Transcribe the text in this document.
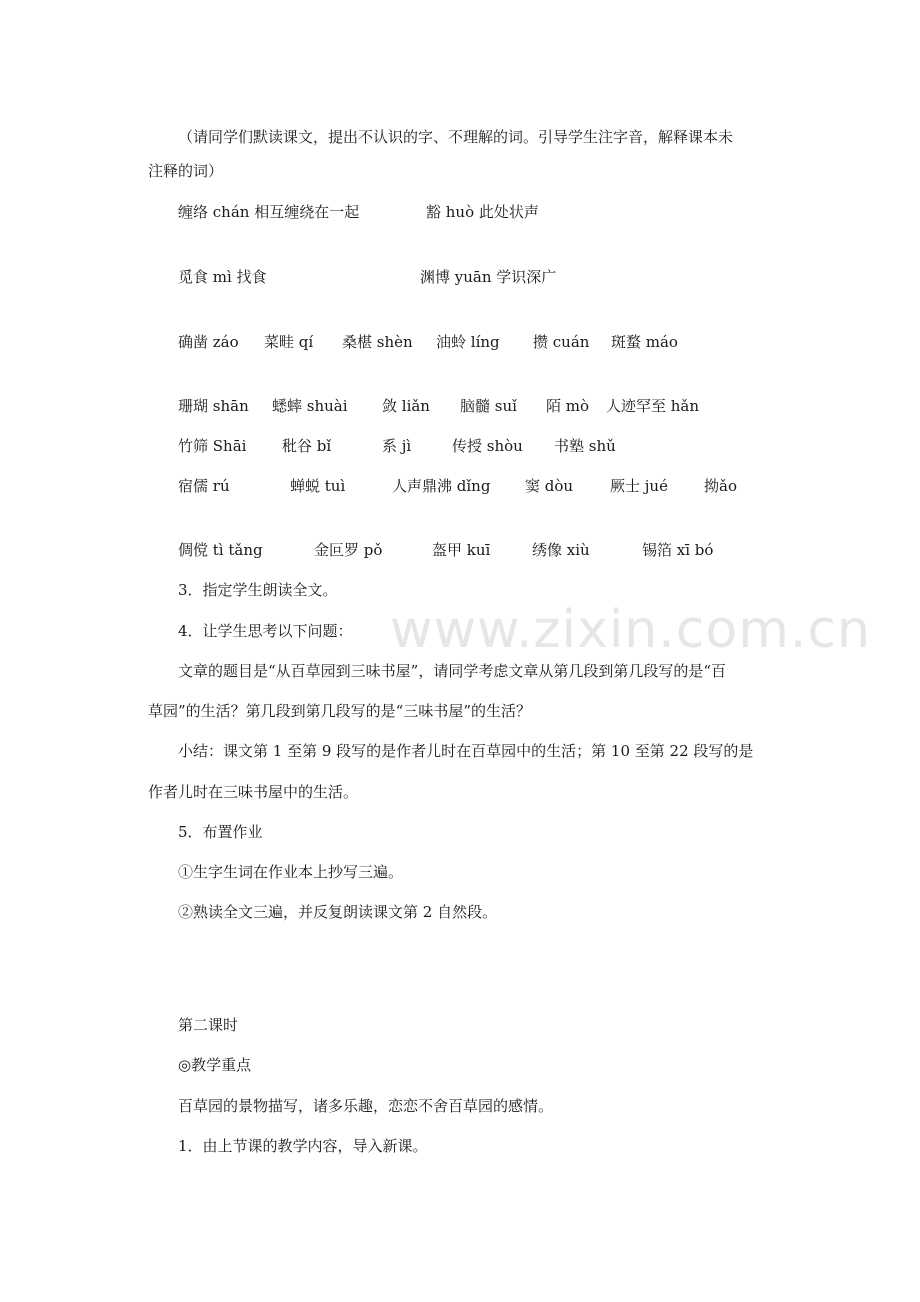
www.zixin.com.cn
（请同学们默读课文，提出不认识的字、不理解的词。引导学生注字音，解释课本未
注释的词）
缠络 chán 相互缠绕在一起	豁 huò 此处状声
觅食 mì 找食	渊博 yuān 学识深广
确凿 záo 菜畦 qí 桑椹 shèn 油蛉 líng 攒 cuán 斑蝥 máo
珊瑚 shān 蟋蟀 shuài 敛 liǎn 脑髓 suǐ 陌 mò 人迹罕至 hǎn
竹筛 Shāi 秕谷 bǐ	系 jì	传授 shòu 书塾 shǔ
宿儒 rú	蝉蜕 tuì	人声鼎沸 dǐng 窦 dòu 厥士 jué 拗ǎo
倜傥 tì tǎng	金叵罗 pǒ	盔甲 kuī	绣像 xiù	锡箔 xī bó
3．指定学生朗读全文。
4．让学生思考以下问题：
文章的题目是“从百草园到三味书屋”，请同学考虑文章从第几段到第几段写的是“百
草园”的生活？第几段到第几段写的是“三味书屋”的生活？
小结：课文第 1 至第 9 段写的是作者儿时在百草园中的生活；第 10 至第 22 段写的是
作者儿时在三味书屋中的生活。
5．布置作业
①生字生词在作业本上抄写三遍。
②熟读全文三遍，并反复朗读课文第 2 自然段。
第二课时
◎教学重点
百草园的景物描写，诸多乐趣，恋恋不舍百草园的感情。
1．由上节课的教学内容，导入新课。
